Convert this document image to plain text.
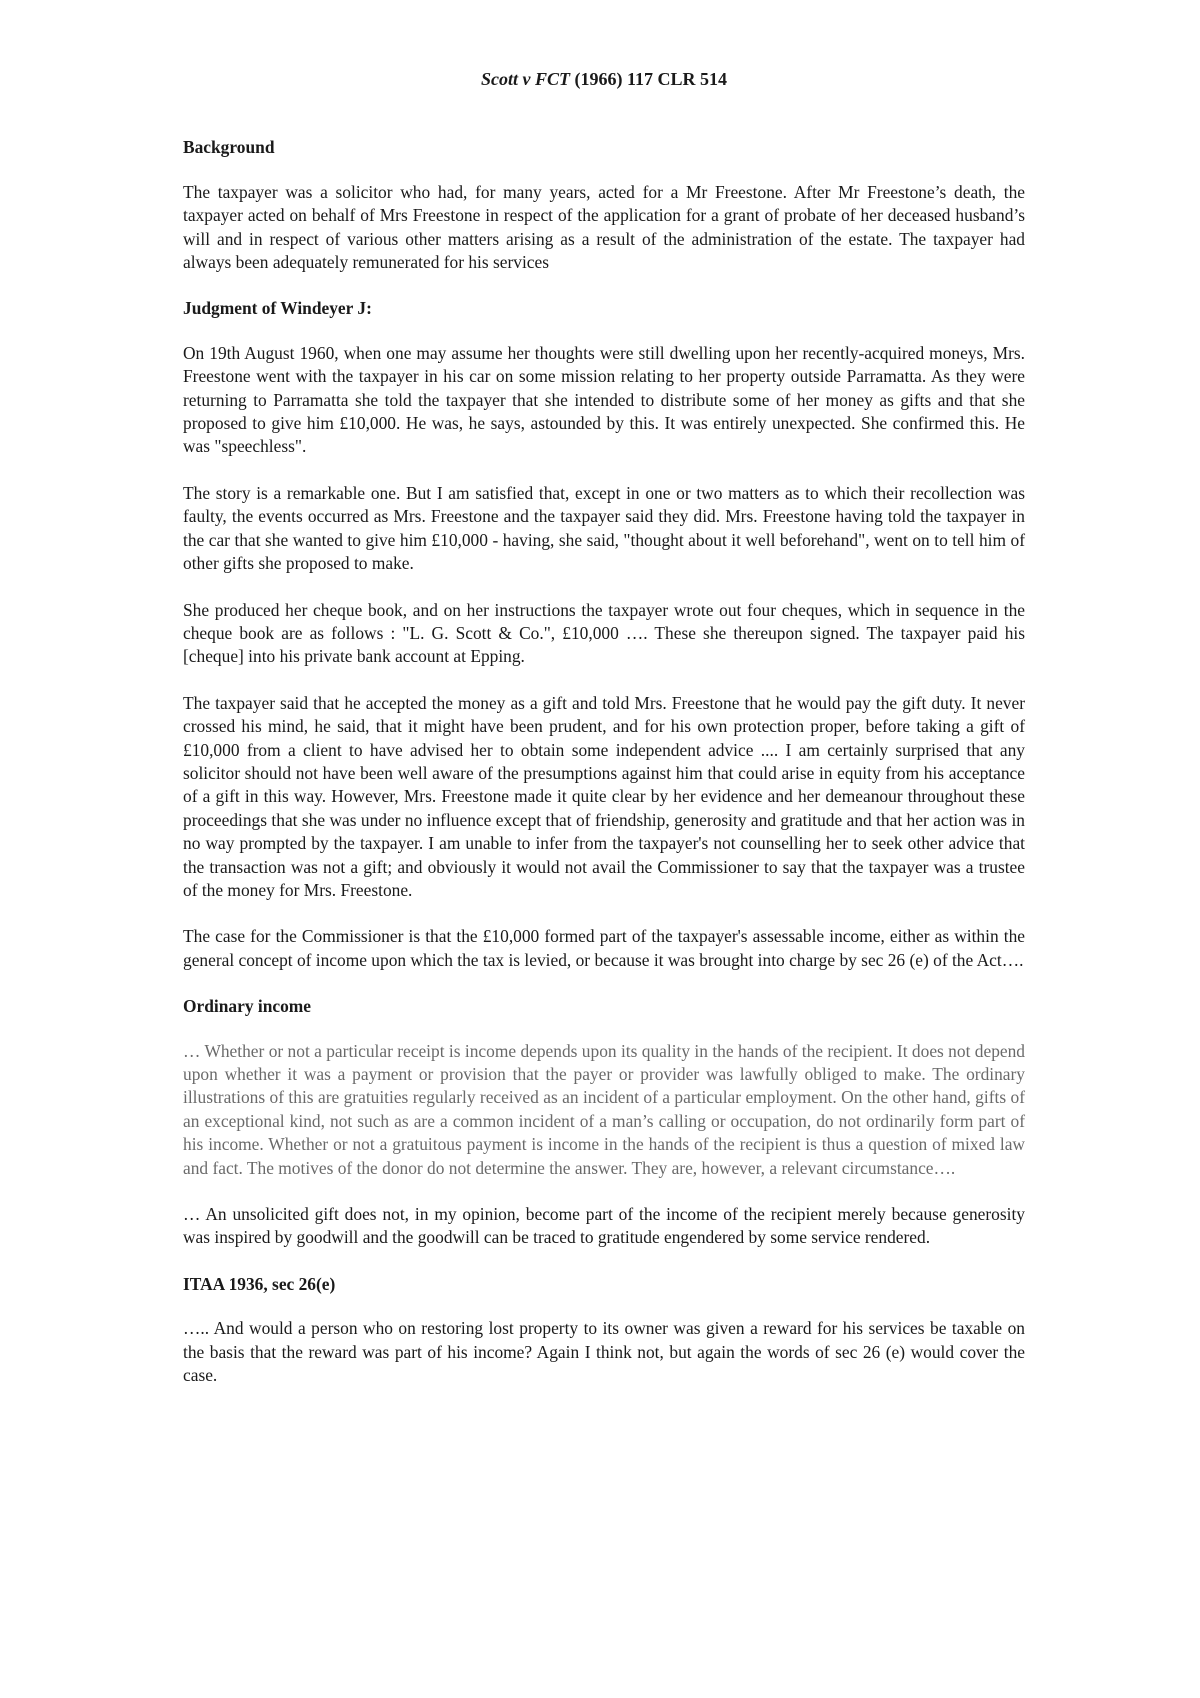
Scott v FCT (1966) 117 CLR 514
Background

The taxpayer was a solicitor who had, for many years, acted for a Mr Freestone. After Mr Freestone’s death, the taxpayer acted on behalf of Mrs Freestone in respect of the application for a grant of probate of her deceased husband’s will and in respect of various other matters arising as a result of the administration of the estate. The taxpayer had always been adequately remunerated for his services

Judgment of Windeyer J:

On 19th August 1960, when one may assume her thoughts were still dwelling upon her recently-acquired moneys, Mrs. Freestone went with the taxpayer in his car on some mission relating to her property outside Parramatta. As they were returning to Parramatta she told the taxpayer that she intended to distribute some of her money as gifts and that she proposed to give him £10,000. He was, he says, astounded by this. It was entirely unexpected. She confirmed this. He was "speechless".

The story is a remarkable one. But I am satisfied that, except in one or two matters as to which their recollection was faulty, the events occurred as Mrs. Freestone and the taxpayer said they did. Mrs. Freestone having told the taxpayer in the car that she wanted to give him £10,000 - having, she said, "thought about it well beforehand", went on to tell him of other gifts she proposed to make.

She produced her cheque book, and on her instructions the taxpayer wrote out four cheques, which in sequence in the cheque book are as follows : "L. G. Scott & Co.", £10,000 …. These she thereupon signed. The taxpayer paid his [cheque] into his private bank account at Epping.

The taxpayer said that he accepted the money as a gift and told Mrs. Freestone that he would pay the gift duty. It never crossed his mind, he said, that it might have been prudent, and for his own protection proper, before taking a gift of £10,000 from a client to have advised her to obtain some independent advice .... I am certainly surprised that any solicitor should not have been well aware of the presumptions against him that could arise in equity from his acceptance of a gift in this way. However, Mrs. Freestone made it quite clear by her evidence and her demeanour throughout these proceedings that she was under no influence except that of friendship, generosity and gratitude and that her action was in no way prompted by the taxpayer. I am unable to infer from the taxpayer's not counselling her to seek other advice that the transaction was not a gift; and obviously it would not avail the Commissioner to say that the taxpayer was a trustee of the money for Mrs. Freestone.

The case for the Commissioner is that the £10,000 formed part of the taxpayer's assessable income, either as within the general concept of income upon which the tax is levied, or because it was brought into charge by sec 26 (e) of the Act….

Ordinary income

… Whether or not a particular receipt is income depends upon its quality in the hands of the recipient. It does not depend upon whether it was a payment or provision that the payer or provider was lawfully obliged to make. The ordinary illustrations of this are gratuities regularly received as an incident of a particular employment. On the other hand, gifts of an exceptional kind, not such as are a common incident of a man’s calling or occupation, do not ordinarily form part of his income. Whether or not a gratuitous payment is income in the hands of the recipient is thus a question of mixed law and fact. The motives of the donor do not determine the answer. They are, however, a relevant circumstance….

… An unsolicited gift does not, in my opinion, become part of the income of the recipient merely because generosity was inspired by goodwill and the goodwill can be traced to gratitude engendered by some service rendered.

ITAA 1936, sec 26(e)

….. And would a person who on restoring lost property to its owner was given a reward for his services be taxable on the basis that the reward was part of his income? Again I think not, but again the words of sec 26 (e) would cover the case.
